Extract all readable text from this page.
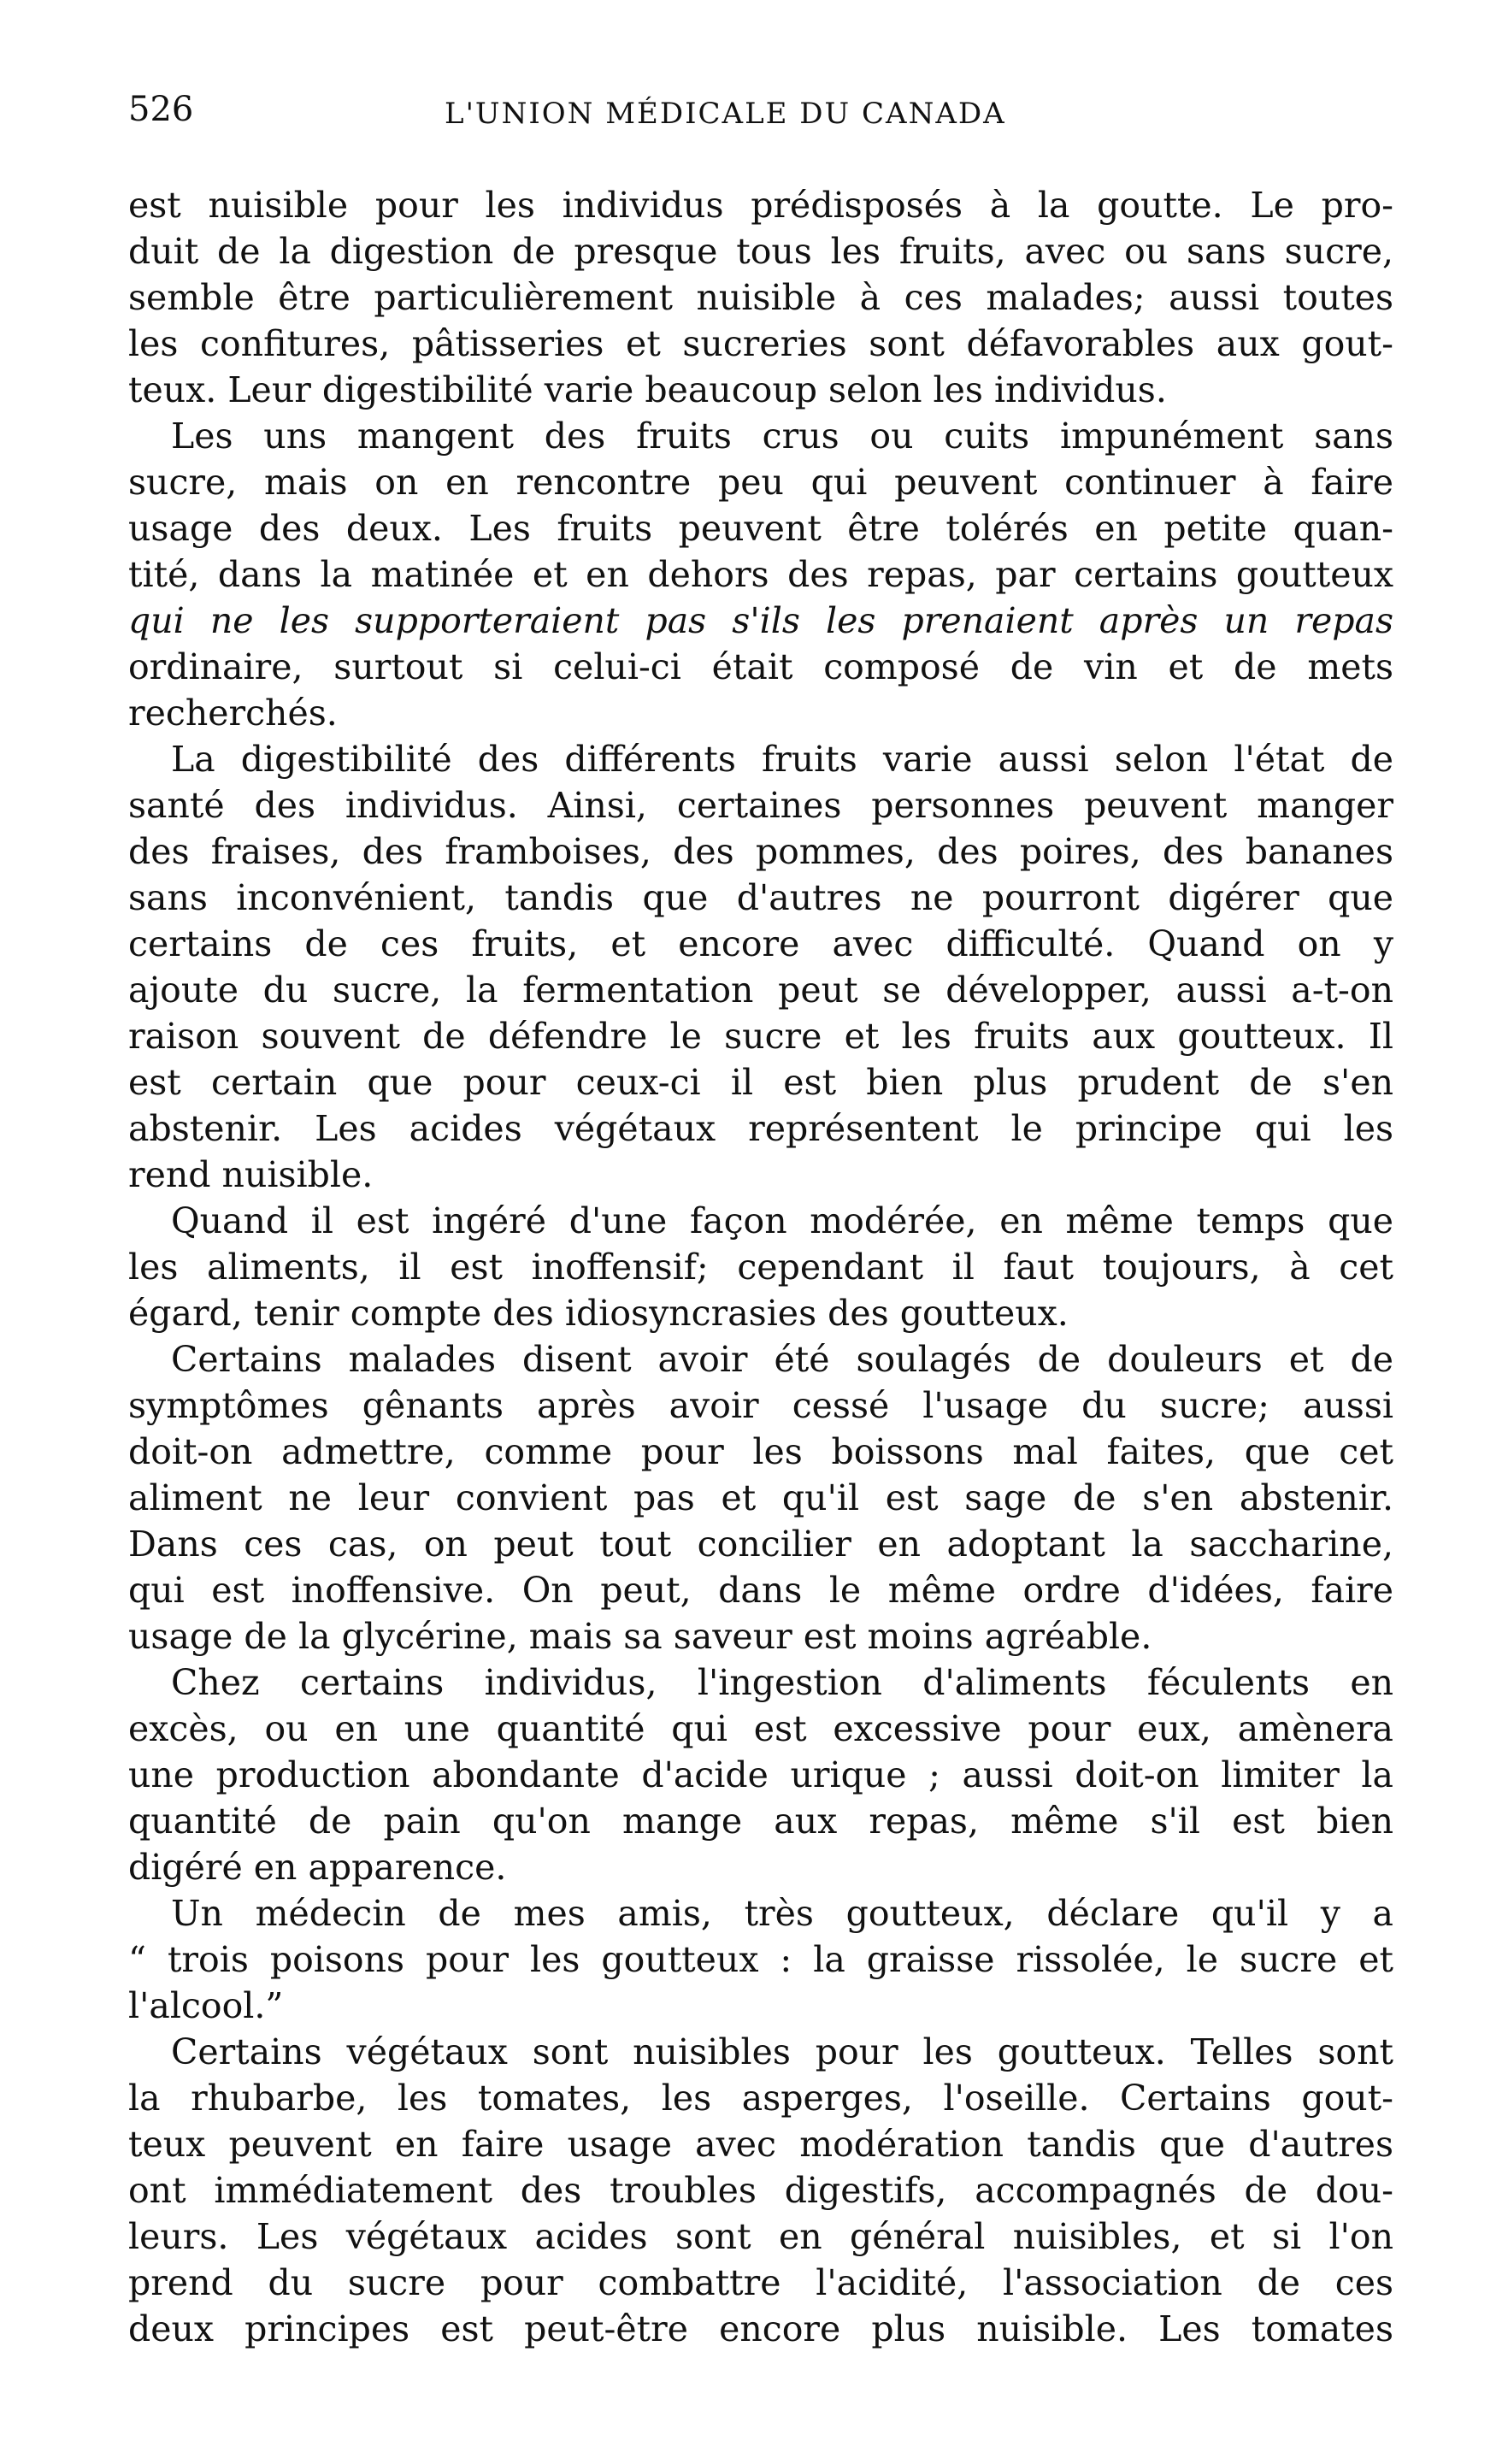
526	L'UNION MÉDICALE DU CANADA
est nuisible pour les individus prédisposés à la goutte. Le pro-
duit de la digestion de presque tous les fruits, avec ou sans sucre,
semble être particulièrement nuisible à ces malades; aussi toutes
les confitures, pâtisseries et sucreries sont défavorables aux gout-
teux. Leur digestibilité varie beaucoup selon les individus.
Les uns mangent des fruits crus ou cuits impunément sans
sucre, mais on en rencontre peu qui peuvent continuer à faire
usage des deux. Les fruits peuvent être tolérés en petite quan-
tité, dans la matinée et en dehors des repas, par certains goutteux
qui ne les supporteraient pas s'ils les prenaient après un repas
ordinaire, surtout si celui-ci était composé de vin et de mets
recherchés.
La digestibilité des différents fruits varie aussi selon l'état de
santé des individus. Ainsi, certaines personnes peuvent manger
des fraises, des framboises, des pommes, des poires, des bananes
sans inconvénient, tandis que d'autres ne pourront digérer que
certains de ces fruits, et encore avec difficulté. Quand on y
ajoute du sucre, la fermentation peut se développer, aussi a-t-on
raison souvent de défendre le sucre et les fruits aux goutteux. Il
est certain que pour ceux-ci il est bien plus prudent de s'en
abstenir. Les acides végétaux représentent le principe qui les
rend nuisible.
Quand il est ingéré d'une façon modérée, en même temps que
les aliments, il est inoffensif; cependant il faut toujours, à cet
égard, tenir compte des idiosyncrasies des goutteux.
Certains malades disent avoir été soulagés de douleurs et de
symptômes gênants après avoir cessé l'usage du sucre; aussi
doit-on admettre, comme pour les boissons mal faites, que cet
aliment ne leur convient pas et qu'il est sage de s'en abstenir.
Dans ces cas, on peut tout concilier en adoptant la saccharine,
qui est inoffensive. On peut, dans le même ordre d'idées, faire
usage de la glycérine, mais sa saveur est moins agréable.
Chez certains individus, l'ingestion d'aliments féculents en
excès, ou en une quantité qui est excessive pour eux, amènera
une production abondante d'acide urique ; aussi doit-on limiter la
quantité de pain qu'on mange aux repas, même s'il est bien
digéré en apparence.
Un médecin de mes amis, très goutteux, déclare qu'il y a
“ trois poisons pour les goutteux : la graisse rissolée, le sucre et
l'alcool.”
Certains végétaux sont nuisibles pour les goutteux. Telles sont
la rhubarbe, les tomates, les asperges, l'oseille. Certains gout-
teux peuvent en faire usage avec modération tandis que d'autres
ont immédiatement des troubles digestifs, accompagnés de dou-
leurs. Les végétaux acides sont en général nuisibles, et si l'on
prend du sucre pour combattre l'acidité, l'association de ces
deux principes est peut-être encore plus nuisible. Les tomates
